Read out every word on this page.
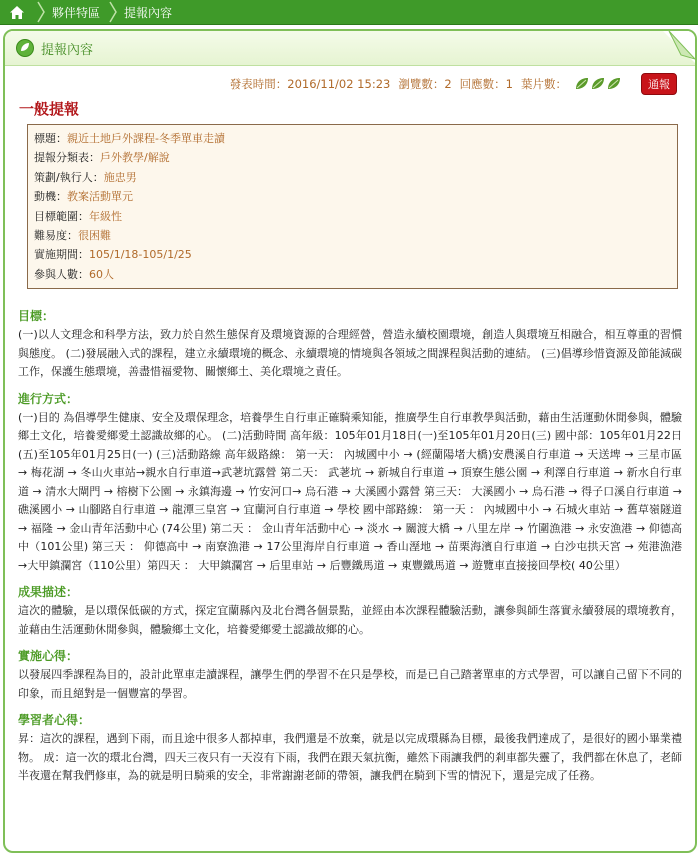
夥伴特區	提報內容
提報內容
發表時間：2016/11/02 15:23 瀏覽數：2 回應數：1 葉片數：	通報
一般提報
標題：親近土地戶外課程-冬季單車走讀
提報分類表：戶外教學/解說
策劃/執行人：施忠男
動機：教案活動單元
目標範圍：年級性
難易度：很困難
實施期間：105/1/18-105/1/25
參與人數：60人
目標：
(一)以人文理念和科學方法，致力於自然生態保育及環境資源的合理經營，營造永續校園環境，創造人與環境互相融合，相互尊重的習慣與態度。 (二)發展融入式的課程，建立永續環境的概念、永續環境的情境與各領域之間課程與活動的連結。 (三)倡導珍惜資源及節能減碳工作，保護生態環境，善盡惜福愛物、關懷鄉土、美化環境之責任。
進行方式：
(一)目的 為倡導學生健康、安全及環保理念，培養學生自行車正確騎乘知能，推廣學生自行車教學與活動，藉由生活運動休閒參與，體驗鄉土文化，培養愛鄉愛土認識故鄉的心。 (二)活動時間 高年級：105年01月18日(一)至105年01月20日(三) 國中部：105年01月22日(五)至105年01月25日(一) (三)活動路線 高年級路線： 第一天： 內城國中小 → (經蘭陽堵大橋)安農溪自行車道 → 天送埤 → 三星市區 → 梅花湖 → 冬山火車站→親水自行車道→武荖坑露營 第二天： 武荖坑 → 新城自行車道 → 頂寮生態公園 → 利澤自行車道 → 新水自行車道 → 清水大閘門 → 榕樹下公園 → 永鎮海邊 → 竹安河口→ 烏石港 → 大溪國小露營 第三天： 大溪國小 → 烏石港 → 得子口溪自行車道 → 礁溪國小 → 山腳路自行車道 → 龍潭三皇宮 → 宜蘭河自行車道 → 學校 國中部路線： 第一天 ： 內城國中小 → 石城火車站 → 舊草嶺隧道 → 福隆 → 金山青年活動中心 (74公里) 第二天 ： 金山青年活動中心 → 淡水 → 關渡大橋 → 八里左岸 → 竹圍漁港 → 永安漁港 → 仰德高中（101公里) 第三天 ： 仰德高中 → 南寮漁港 → 17公里海岸自行車道 → 香山溼地 → 苗栗海濱自行車道 → 白沙屯拱天宮 → 苑港漁港 →大甲鎮瀾宮（110公里）第四天 ： 大甲鎮瀾宮 → 后里車站 → 后豐鐵馬道 → 東豐鐵馬道 → 遊覽車直接接回學校( 40公里）
成果描述：
這次的體驗，是以環保低碳的方式，探定宜蘭縣內及北台灣各個景點，並經由本次課程體驗活動，讓參與師生落實永續發展的環境教育，並藉由生活運動休閒參與，體驗鄉土文化，培養愛鄉愛土認識故鄉的心。
實施心得：
以發展四季課程為目的，設計此單車走讀課程，讓學生們的學習不在只是學校，而是已自己踏著單車的方式學習，可以讓自己留下不同的印象，而且絕對是一個豐富的學習。
學習者心得：
昇：這次的課程，遇到下雨，而且途中很多人都掉車，我們還是不放棄，就是以完成環縣為目標，最後我們達成了，是很好的國小畢業禮物。 成：這一次的環北台灣，四天三夜只有一天沒有下雨，我們在跟天氣抗衡，雖然下雨讓我們的剎車都失靈了，我們都在休息了，老師半夜還在幫我們修車，為的就是明日騎乘的安全，非常謝謝老師的帶領，讓我們在騎到下雪的情況下，還是完成了任務。
